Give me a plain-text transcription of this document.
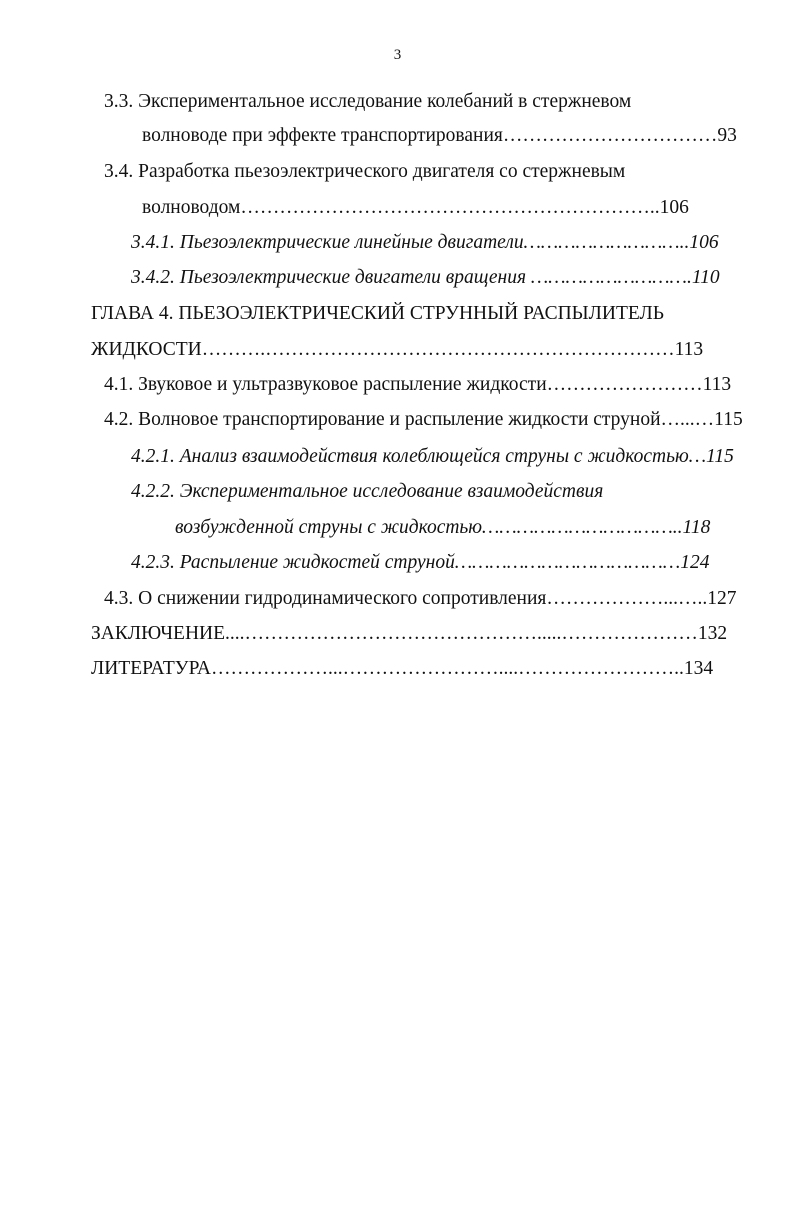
3
3.3. Экспериментальное исследование колебаний в стержневом
волноводе при эффекте транспортирования……………………………93
3.4. Разработка пьезоэлектрического двигателя со стержневым
волноводом………………………………………………………..106
3.4.1. Пьезоэлектрические линейные двигатели………………………..106
3.4.2. Пьезоэлектрические двигатели вращения ……………………….110
ГЛАВА 4. ПЬЕЗОЭЛЕКТРИЧЕСКИЙ СТРУННЫЙ РАСПЫЛИТЕЛЬ
ЖИДКОСТИ……….………………………………………………………113
4.1. Звуковое и ультразвуковое распыление жидкости……………………113
4.2. Волновое транспортирование и распыление жидкости струной…...…115
4.2.1. Анализ взаимодействия колеблющейся струны с жидкостью…115
4.2.2. Экспериментальное исследование взаимодействия
возбужденной струны с жидкостью……………………………..118
4.2.3. Распыление жидкостей струной…………………………………124
4.3. О снижении гидродинамического сопротивления………………...…..127
ЗАКЛЮЧЕНИЕ....……………………………………….....…………………132
ЛИТЕРАТУРА………………...……………………....……………………..134
